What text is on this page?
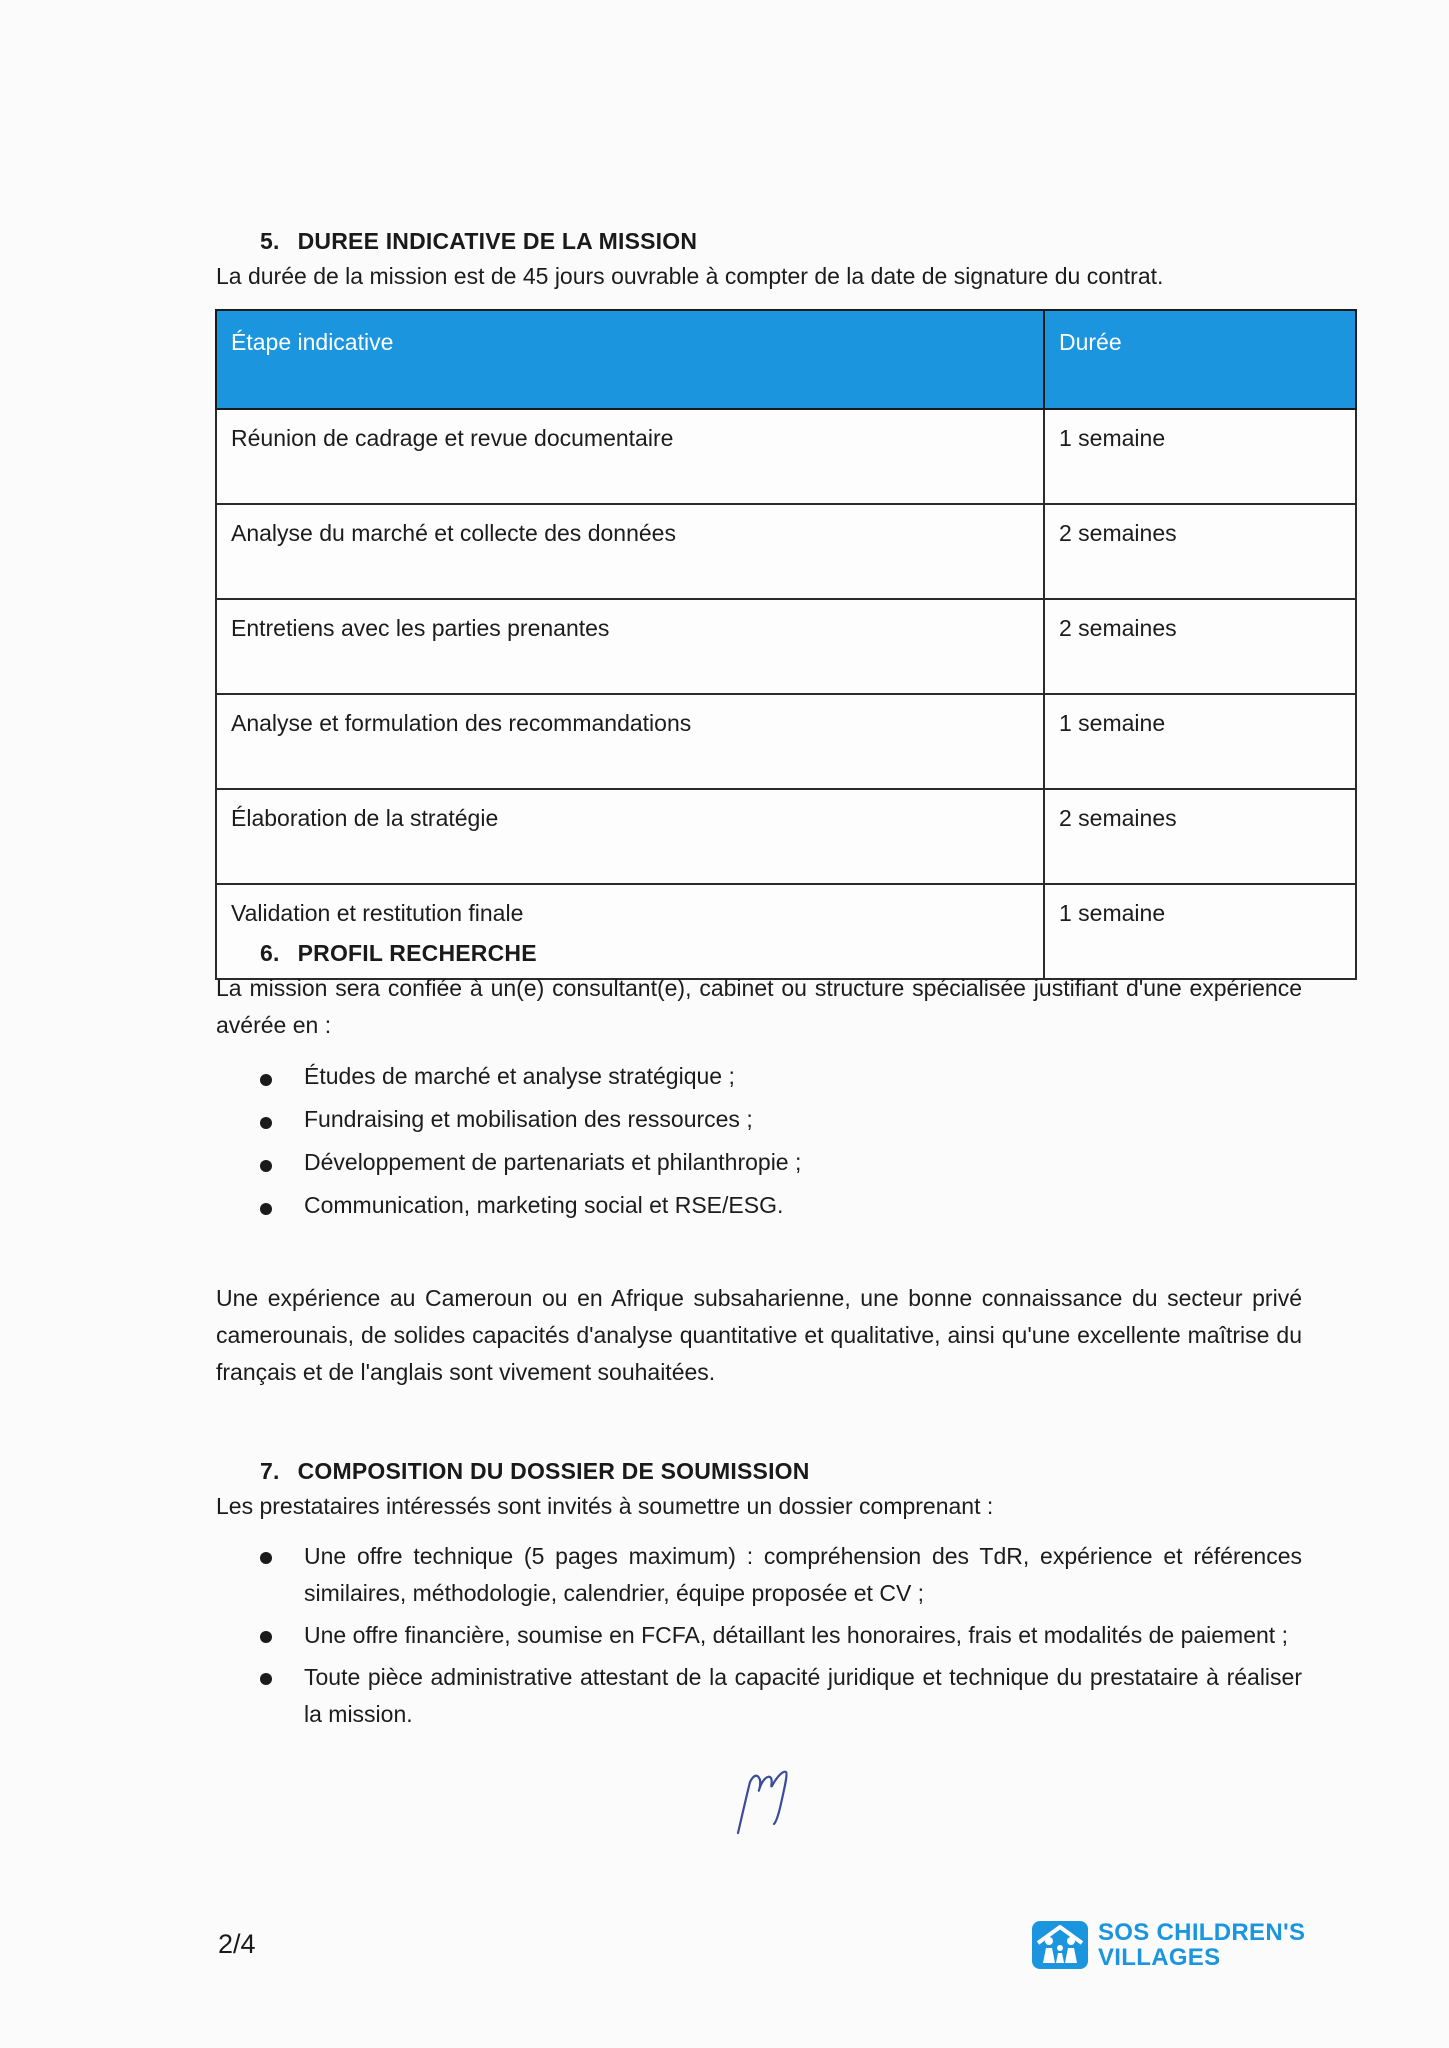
5. DUREE INDICATIVE DE LA MISSION

La durée de la mission est de 45 jours ouvrable à compter de la date de signature du contrat.

Étape indicative	Durée
Réunion de cadrage et revue documentaire	1 semaine
Analyse du marché et collecte des données	2 semaines
Entretiens avec les parties prenantes	2 semaines
Analyse et formulation des recommandations	1 semaine
Élaboration de la stratégie	2 semaines
Validation et restitution finale	1 semaine
6. PROFIL RECHERCHE

La mission sera confiée à un(e) consultant(e), cabinet ou structure spécialisée justifiant d'une expérience avérée en :

Études de marché et analyse stratégique ;
Fundraising et mobilisation des ressources ;
Développement de partenariats et philanthropie ;
Communication, marketing social et RSE/ESG.

Une expérience au Cameroun ou en Afrique subsaharienne, une bonne connaissance du secteur privé camerounais, de solides capacités d'analyse quantitative et qualitative, ainsi qu'une excellente maîtrise du français et de l'anglais sont vivement souhaitées.

7. COMPOSITION DU DOSSIER DE SOUMISSION

Les prestataires intéressés sont invités à soumettre un dossier comprenant :

Une offre technique (5 pages maximum) : compréhension des TdR, expérience et références similaires, méthodologie, calendrier, équipe proposée et CV ;
Une offre financière, soumise en FCFA, détaillant les honoraires, frais et modalités de paiement ;
Toute pièce administrative attestant de la capacité juridique et technique du prestataire à réaliser la mission.
2/4	SOS CHILDREN'S
VILLAGES
